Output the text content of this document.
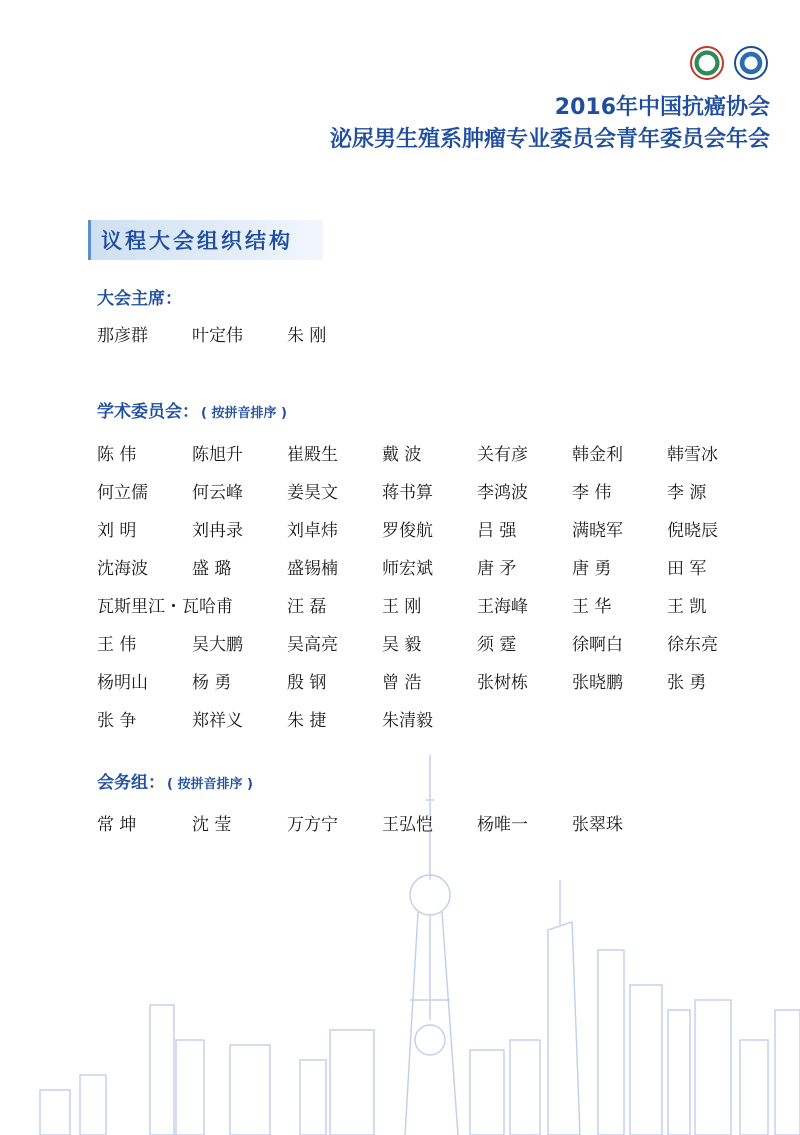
2016年中国抗癌协会
泌尿男生殖系肿瘤专业委员会青年委员会年会
议程大会组织结构
大会主席：
那彦群	叶定伟	朱 刚
学术委员会： ( 按拼音排序 )
陈 伟	陈旭升	崔殿生	戴 波	关有彦	韩金利	韩雪冰
何立儒	何云峰	姜昊文	蒋书算	李鸿波	李 伟	李 源
刘 明	刘冉录	刘卓炜	罗俊航	吕 强	满晓军	倪晓辰
沈海波	盛 璐	盛锡楠	师宏斌	唐 矛	唐 勇	田 军
瓦斯里江・瓦哈甫	汪 磊	王 刚	王海峰	王 华	王 凯
王 伟	吴大鹏	吴高亮	吴 毅	须 霆	徐啊白	徐东亮
杨明山	杨 勇	殷 钢	曾 浩	张树栋	张晓鹏	张 勇
张 争	郑祥义	朱 捷	朱清毅
会务组： ( 按拼音排序 )
常 坤	沈 莹	万方宁	王弘恺	杨唯一	张翠珠
